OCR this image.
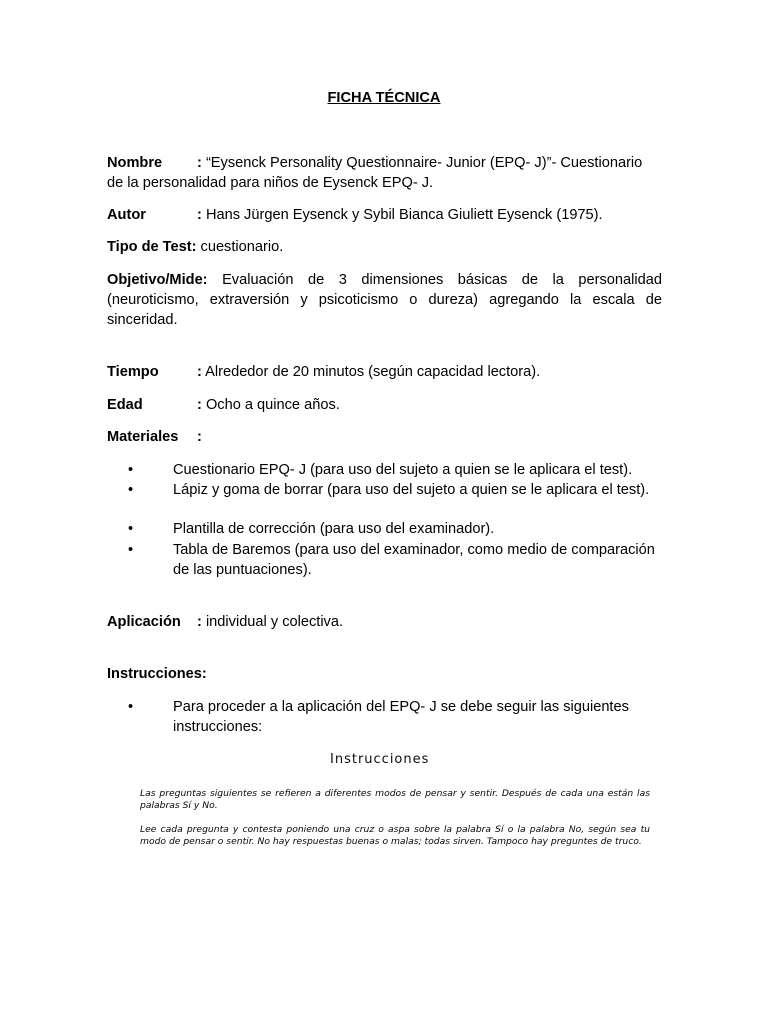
FICHA TÉCNICA
Nombre : “Eysenck Personality Questionnaire- Junior (EPQ- J)”- Cuestionario
de la personalidad para niños de Eysenck EPQ- J.
Autor	: Hans Jürgen Eysenck y Sybil Bianca Giuliett Eysenck (1975).
Tipo de Test: cuestionario.
Objetivo/Mide: Evaluación de 3 dimensiones básicas de la personalidad (neuroticismo, extraversión y psicoticismo o dureza) agregando la escala de sinceridad.
Tiempo	: Alrededor de 20 minutos (según capacidad lectora).
Edad	: Ocho a quince años.
Materiales :
•	Cuestionario EPQ- J (para uso del sujeto a quien se le aplicara el test).
•	Lápiz y goma de borrar (para uso del sujeto a quien se le aplicara el test).
•	Plantilla de corrección (para uso del examinador).
•	Tabla de Baremos (para uso del examinador, como medio de comparación de las puntuaciones).
Aplicación : individual y colectiva.
Instrucciones:
•	Para proceder a la aplicación del EPQ- J se debe seguir las siguientes instrucciones:
Instrucciones
Las preguntas siguientes se refieren a diferentes modos de pensar y sentir. Después de cada una están las palabras Sí y No.
Lee cada pregunta y contesta poniendo una cruz o aspa sobre la palabra Sí o la palabra No, según sea tu modo de pensar o sentir. No hay respuestas buenas o malas; todas sirven. Tampoco hay preguntes de truco.
